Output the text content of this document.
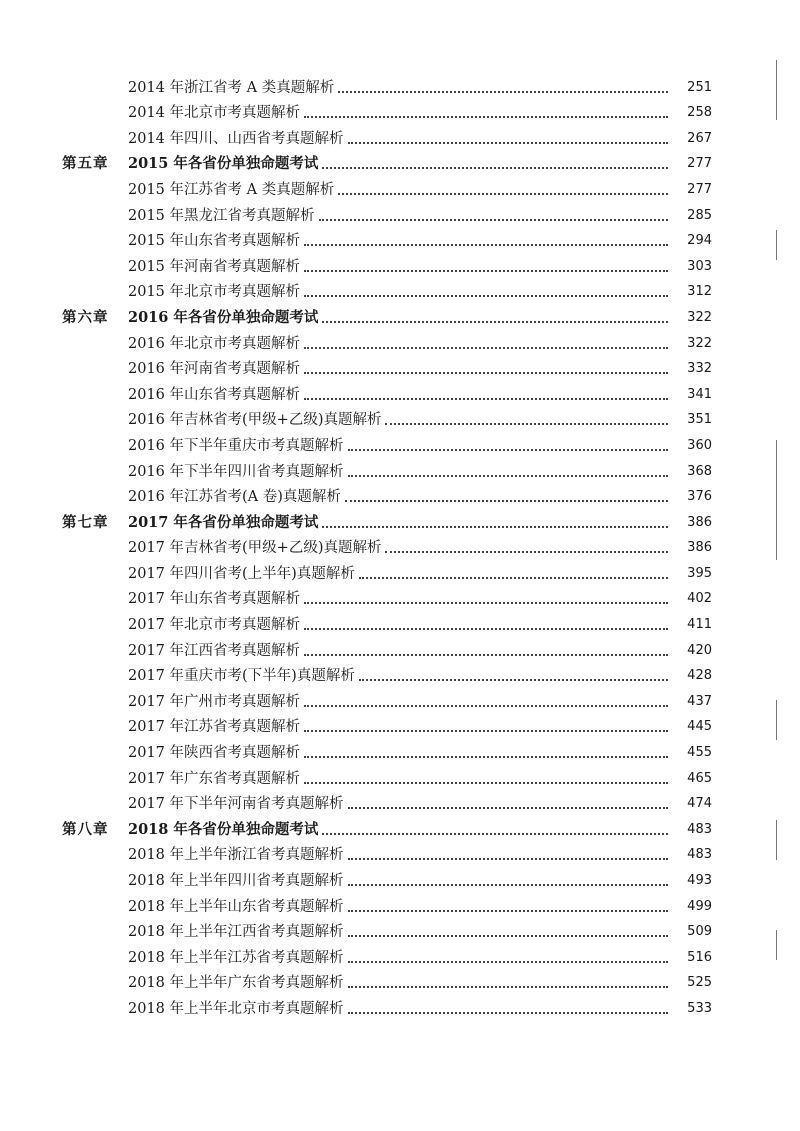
2014 年浙江省考 A 类真题解析	251
2014 年北京市考真题解析	258
2014 年四川、山西省考真题解析	267
第五章 2015 年各省份单独命题考试	277
2015 年江苏省考 A 类真题解析	277
2015 年黑龙江省考真题解析	285
2015 年山东省考真题解析	294
2015 年河南省考真题解析	303
2015 年北京市考真题解析	312
第六章 2016 年各省份单独命题考试	322
2016 年北京市考真题解析	322
2016 年河南省考真题解析	332
2016 年山东省考真题解析	341
2016 年吉林省考(甲级+乙级)真题解析	351
2016 年下半年重庆市考真题解析	360
2016 年下半年四川省考真题解析	368
2016 年江苏省考(A 卷)真题解析	376
第七章 2017 年各省份单独命题考试	386
2017 年吉林省考(甲级+乙级)真题解析	386
2017 年四川省考(上半年)真题解析	395
2017 年山东省考真题解析	402
2017 年北京市考真题解析	411
2017 年江西省考真题解析	420
2017 年重庆市考(下半年)真题解析	428
2017 年广州市考真题解析	437
2017 年江苏省考真题解析	445
2017 年陕西省考真题解析	455
2017 年广东省考真题解析	465
2017 年下半年河南省考真题解析	474
第八章 2018 年各省份单独命题考试	483
2018 年上半年浙江省考真题解析	483
2018 年上半年四川省考真题解析	493
2018 年上半年山东省考真题解析	499
2018 年上半年江西省考真题解析	509
2018 年上半年江苏省考真题解析	516
2018 年上半年广东省考真题解析	525
2018 年上半年北京市考真题解析	533
